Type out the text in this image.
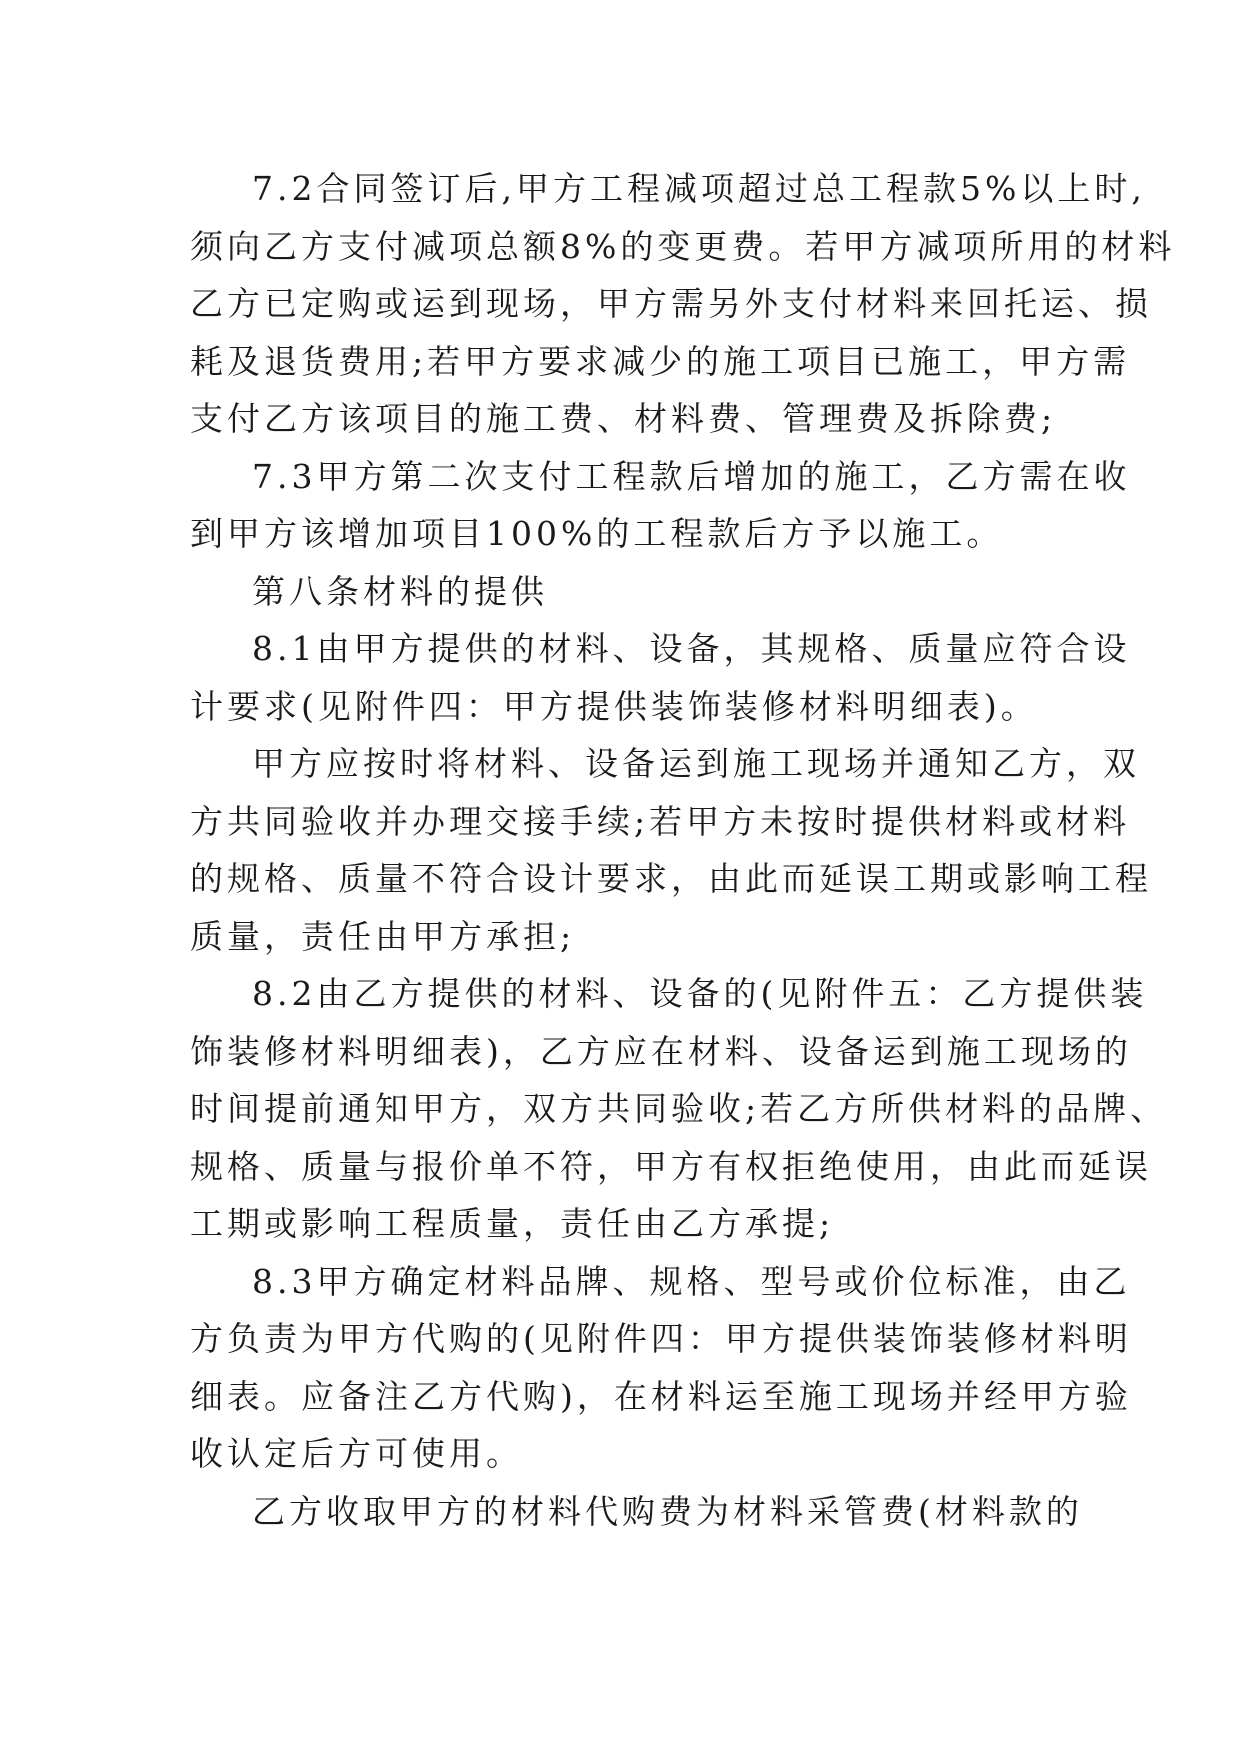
7.2合同签订后,甲方工程减项超过总工程款5%以上时,
须向乙方支付减项总额8%的变更费。若甲方减项所用的材料
乙方已定购或运到现场，甲方需另外支付材料来回托运、损
耗及退货费用;若甲方要求减少的施工项目已施工，甲方需
支付乙方该项目的施工费、材料费、管理费及拆除费;
7.3甲方第二次支付工程款后增加的施工，乙方需在收
到甲方该增加项目100%的工程款后方予以施工。
第八条材料的提供
8.1由甲方提供的材料、设备，其规格、质量应符合设
计要求(见附件四：甲方提供装饰装修材料明细表)。
甲方应按时将材料、设备运到施工现场并通知乙方，双
方共同验收并办理交接手续;若甲方未按时提供材料或材料
的规格、质量不符合设计要求，由此而延误工期或影响工程
质量，责任由甲方承担;
8.2由乙方提供的材料、设备的(见附件五：乙方提供装
饰装修材料明细表)，乙方应在材料、设备运到施工现场的
时间提前通知甲方，双方共同验收;若乙方所供材料的品牌、
规格、质量与报价单不符，甲方有权拒绝使用，由此而延误
工期或影响工程质量，责任由乙方承提;
8.3甲方确定材料品牌、规格、型号或价位标准，由乙
方负责为甲方代购的(见附件四：甲方提供装饰装修材料明
细表。应备注乙方代购)，在材料运至施工现场并经甲方验
收认定后方可使用。
乙方收取甲方的材料代购费为材料采管费(材料款的
